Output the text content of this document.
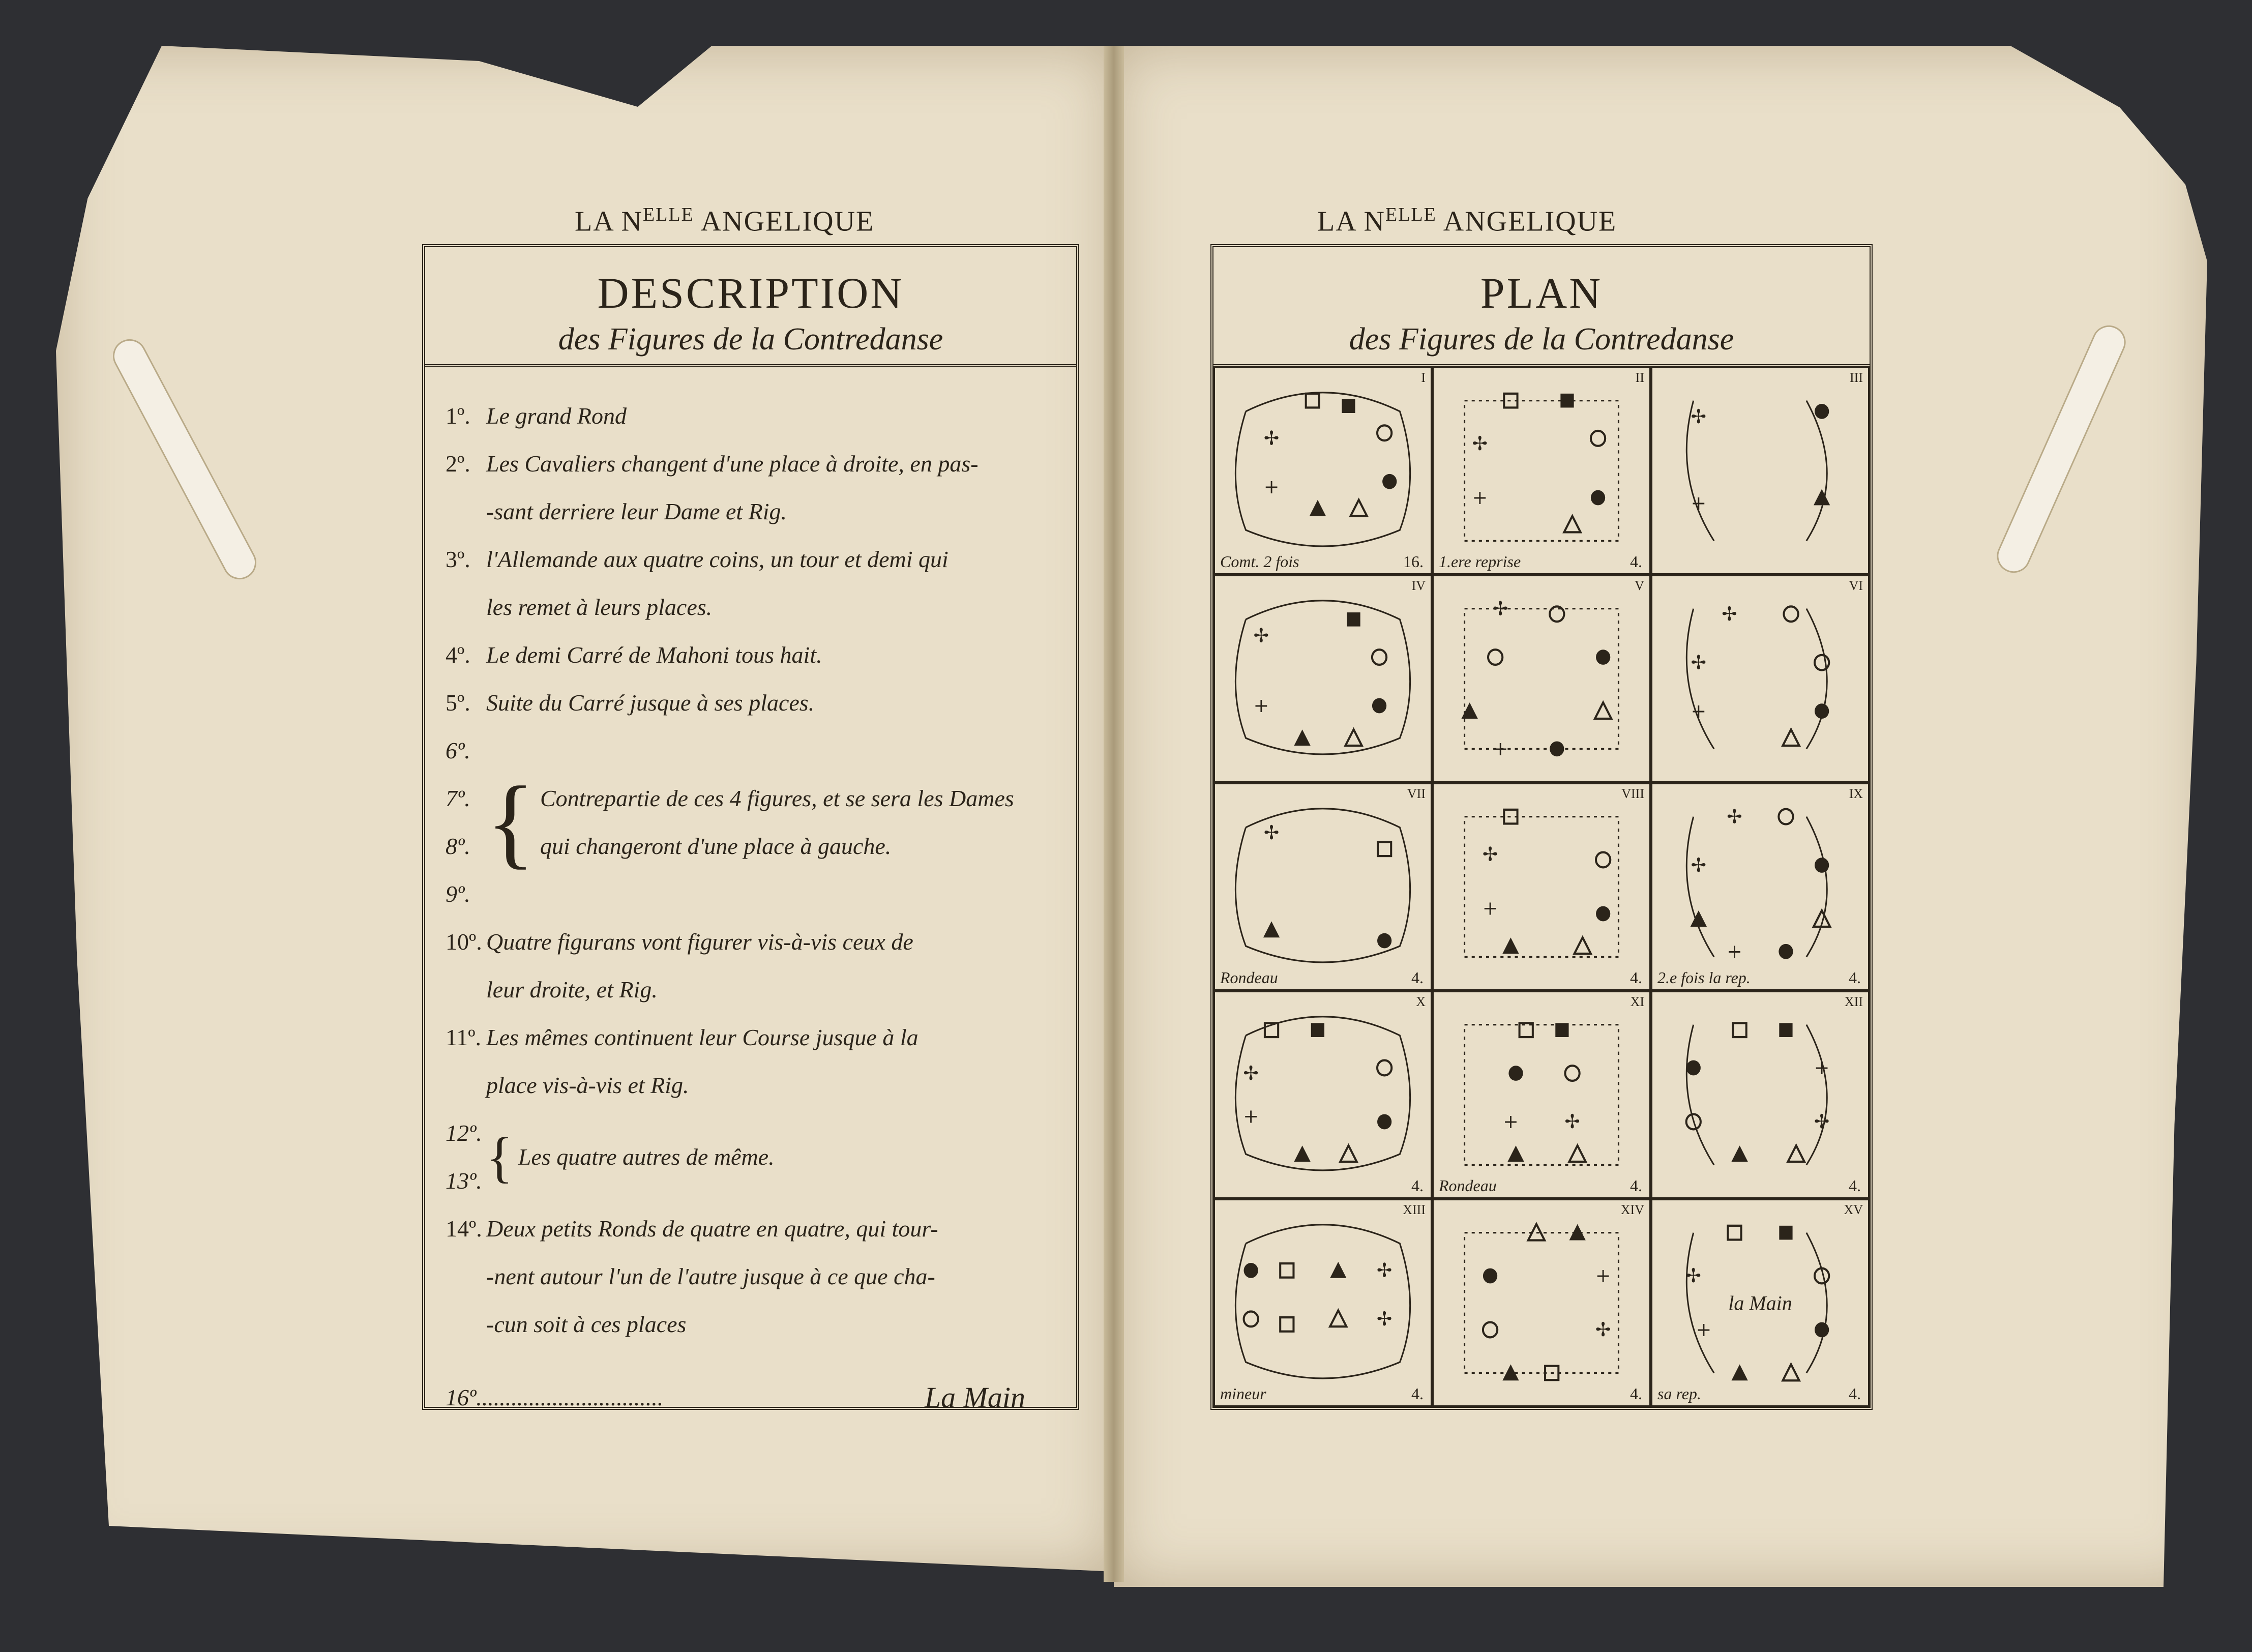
LA $N^{ELLE}$ ANGELIQUE	LA $N^{ELLE}$ ANGELIQUE
DESCRIPTION
des Figures de la Contredanse
1º. Le grand Rond
2º. Les Cavaliers changent d'une place à droite, en pas-
-sant derriere leur Dame et Rig.
3º. l'Allemande aux quatre coins, un tour et demi qui
les remet à leurs places.
4º. Le demi Carré de Mahoni tous hait.
5º. Suite du Carré jusque à ses places.
6º.
7º.
8º.
9º.
{ Contrepartie de ces 4 figures, et se sera les Dames
qui changeront d'une place à gauche.
10º. Quatre figurans vont figurer vis-à-vis ceux de
leur droite, et Rig.
11º. Les mêmes continuent leur Course jusque à la
place vis-à-vis et Rig.
12º.
13º. { Les quatre autres de même.
14º. Deux petits Ronds de quatre en quatre, qui tour-
-nent autour l'un de l'autre jusque à ce que cha-
-cun soit à ces places
16º. ...............................	La Main
PLAN
des Figures de la Contredanse
+
✢
I
Comt. 2 fois	16.
+
✢
II
1.ere reprise	4.
✢
+
III
✢
+
IV
✢
+
V
✢
✢
+
VI
✢
VII
Rondeau	4.
✢
+
VIII
4.
✢
✢
+
IX
2.e fois la rep.	4.
✢
+
X
4.
+	✢
XI
Rondeau	4.
+
✢
XII
4.
✢
✢
XIII
mineur	4.
+
✢
XIV
4.
✢
+
XV
sa rep.	4.
la Main
